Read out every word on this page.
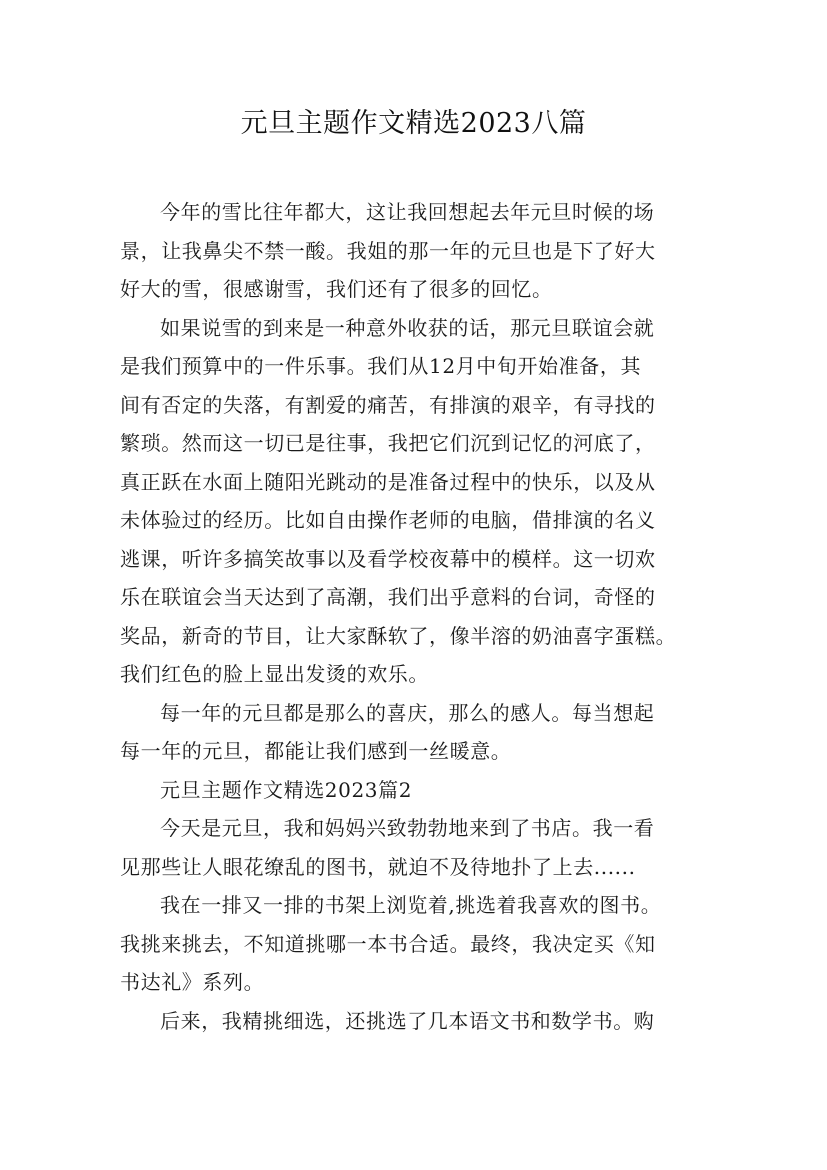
元旦主题作文精选2023八篇

今年的雪比往年都大，这让我回想起去年元旦时候的场
景，让我鼻尖不禁一酸。我姐的那一年的元旦也是下了好大
好大的雪，很感谢雪，我们还有了很多的回忆。

如果说雪的到来是一种意外收获的话，那元旦联谊会就
是我们预算中的一件乐事。我们从12月中旬开始准备，其
间有否定的失落，有割爱的痛苦，有排演的艰辛，有寻找的
繁琐。然而这一切已是往事，我把它们沉到记忆的河底了，
真正跃在水面上随阳光跳动的是准备过程中的快乐，以及从
未体验过的经历。比如自由操作老师的电脑，借排演的名义
逃课，听许多搞笑故事以及看学校夜幕中的模样。这一切欢
乐在联谊会当天达到了高潮，我们出乎意料的台词，奇怪的
奖品，新奇的节目，让大家酥软了，像半溶的奶油喜字蛋糕。
我们红色的脸上显出发烫的欢乐。

每一年的元旦都是那么的喜庆，那么的感人。每当想起
每一年的元旦，都能让我们感到一丝暖意。

元旦主题作文精选2023篇2

今天是元旦，我和妈妈兴致勃勃地来到了书店。我一看
见那些让人眼花缭乱的图书，就迫不及待地扑了上去......

我在一排又一排的书架上浏览着,挑选着我喜欢的图书。
我挑来挑去，不知道挑哪一本书合适。最终，我决定买《知
书达礼》系列。

后来，我精挑细选，还挑选了几本语文书和数学书。购
